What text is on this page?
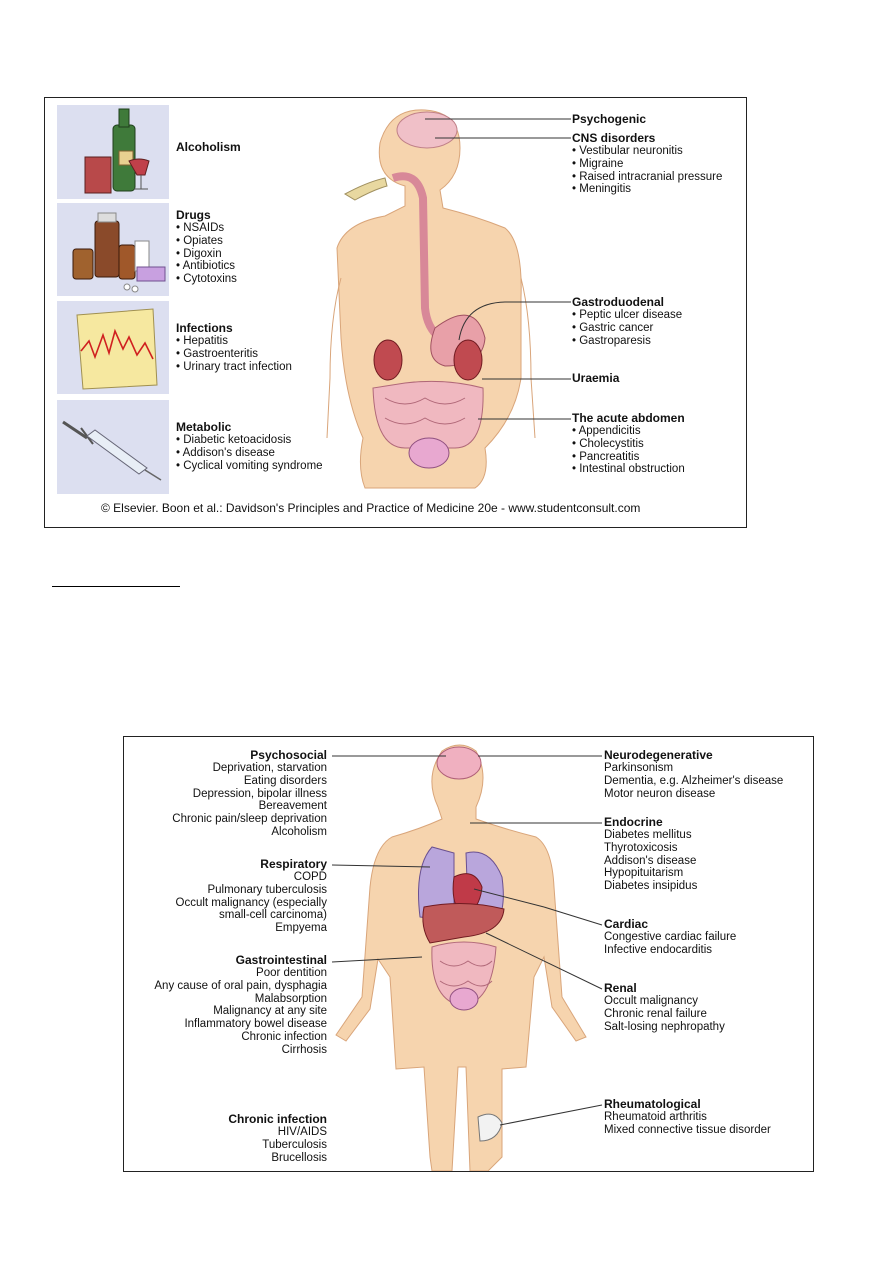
Alcoholism
Drugs
• NSAIDs
• Opiates
• Digoxin
• Antibiotics
• Cytotoxins
Infections
• Hepatitis
• Gastroenteritis
• Urinary tract infection
Metabolic
• Diabetic ketoacidosis
• Addison's disease
• Cyclical vomiting syndrome
Psychogenic
CNS disorders
• Vestibular neuronitis
• Migraine
• Raised intracranial pressure
• Meningitis
Gastroduodenal
• Peptic ulcer disease
• Gastric cancer
• Gastroparesis
Uraemia
The acute abdomen
• Appendicitis
• Cholecystitis
• Pancreatitis
• Intestinal obstruction
© Elsevier. Boon et al.: Davidson's Principles and Practice of Medicine 20e - www.studentconsult.com
Psychosocial
Deprivation, starvation
Eating disorders
Depression, bipolar illness
Bereavement
Chronic pain/sleep deprivation
Alcoholism
Respiratory
COPD
Pulmonary tuberculosis
Occult malignancy (especially
small-cell carcinoma)
Empyema
Gastrointestinal
Poor dentition
Any cause of oral pain, dysphagia
Malabsorption
Malignancy at any site
Inflammatory bowel disease
Chronic infection
Cirrhosis
Chronic infection
HIV/AIDS
Tuberculosis
Brucellosis
Neurodegenerative
Parkinsonism
Dementia, e.g. Alzheimer's disease
Motor neuron disease
Endocrine
Diabetes mellitus
Thyrotoxicosis
Addison's disease
Hypopituitarism
Diabetes insipidus
Cardiac
Congestive cardiac failure
Infective endocarditis
Renal
Occult malignancy
Chronic renal failure
Salt-losing nephropathy
Rheumatological
Rheumatoid arthritis
Mixed connective tissue disorder
